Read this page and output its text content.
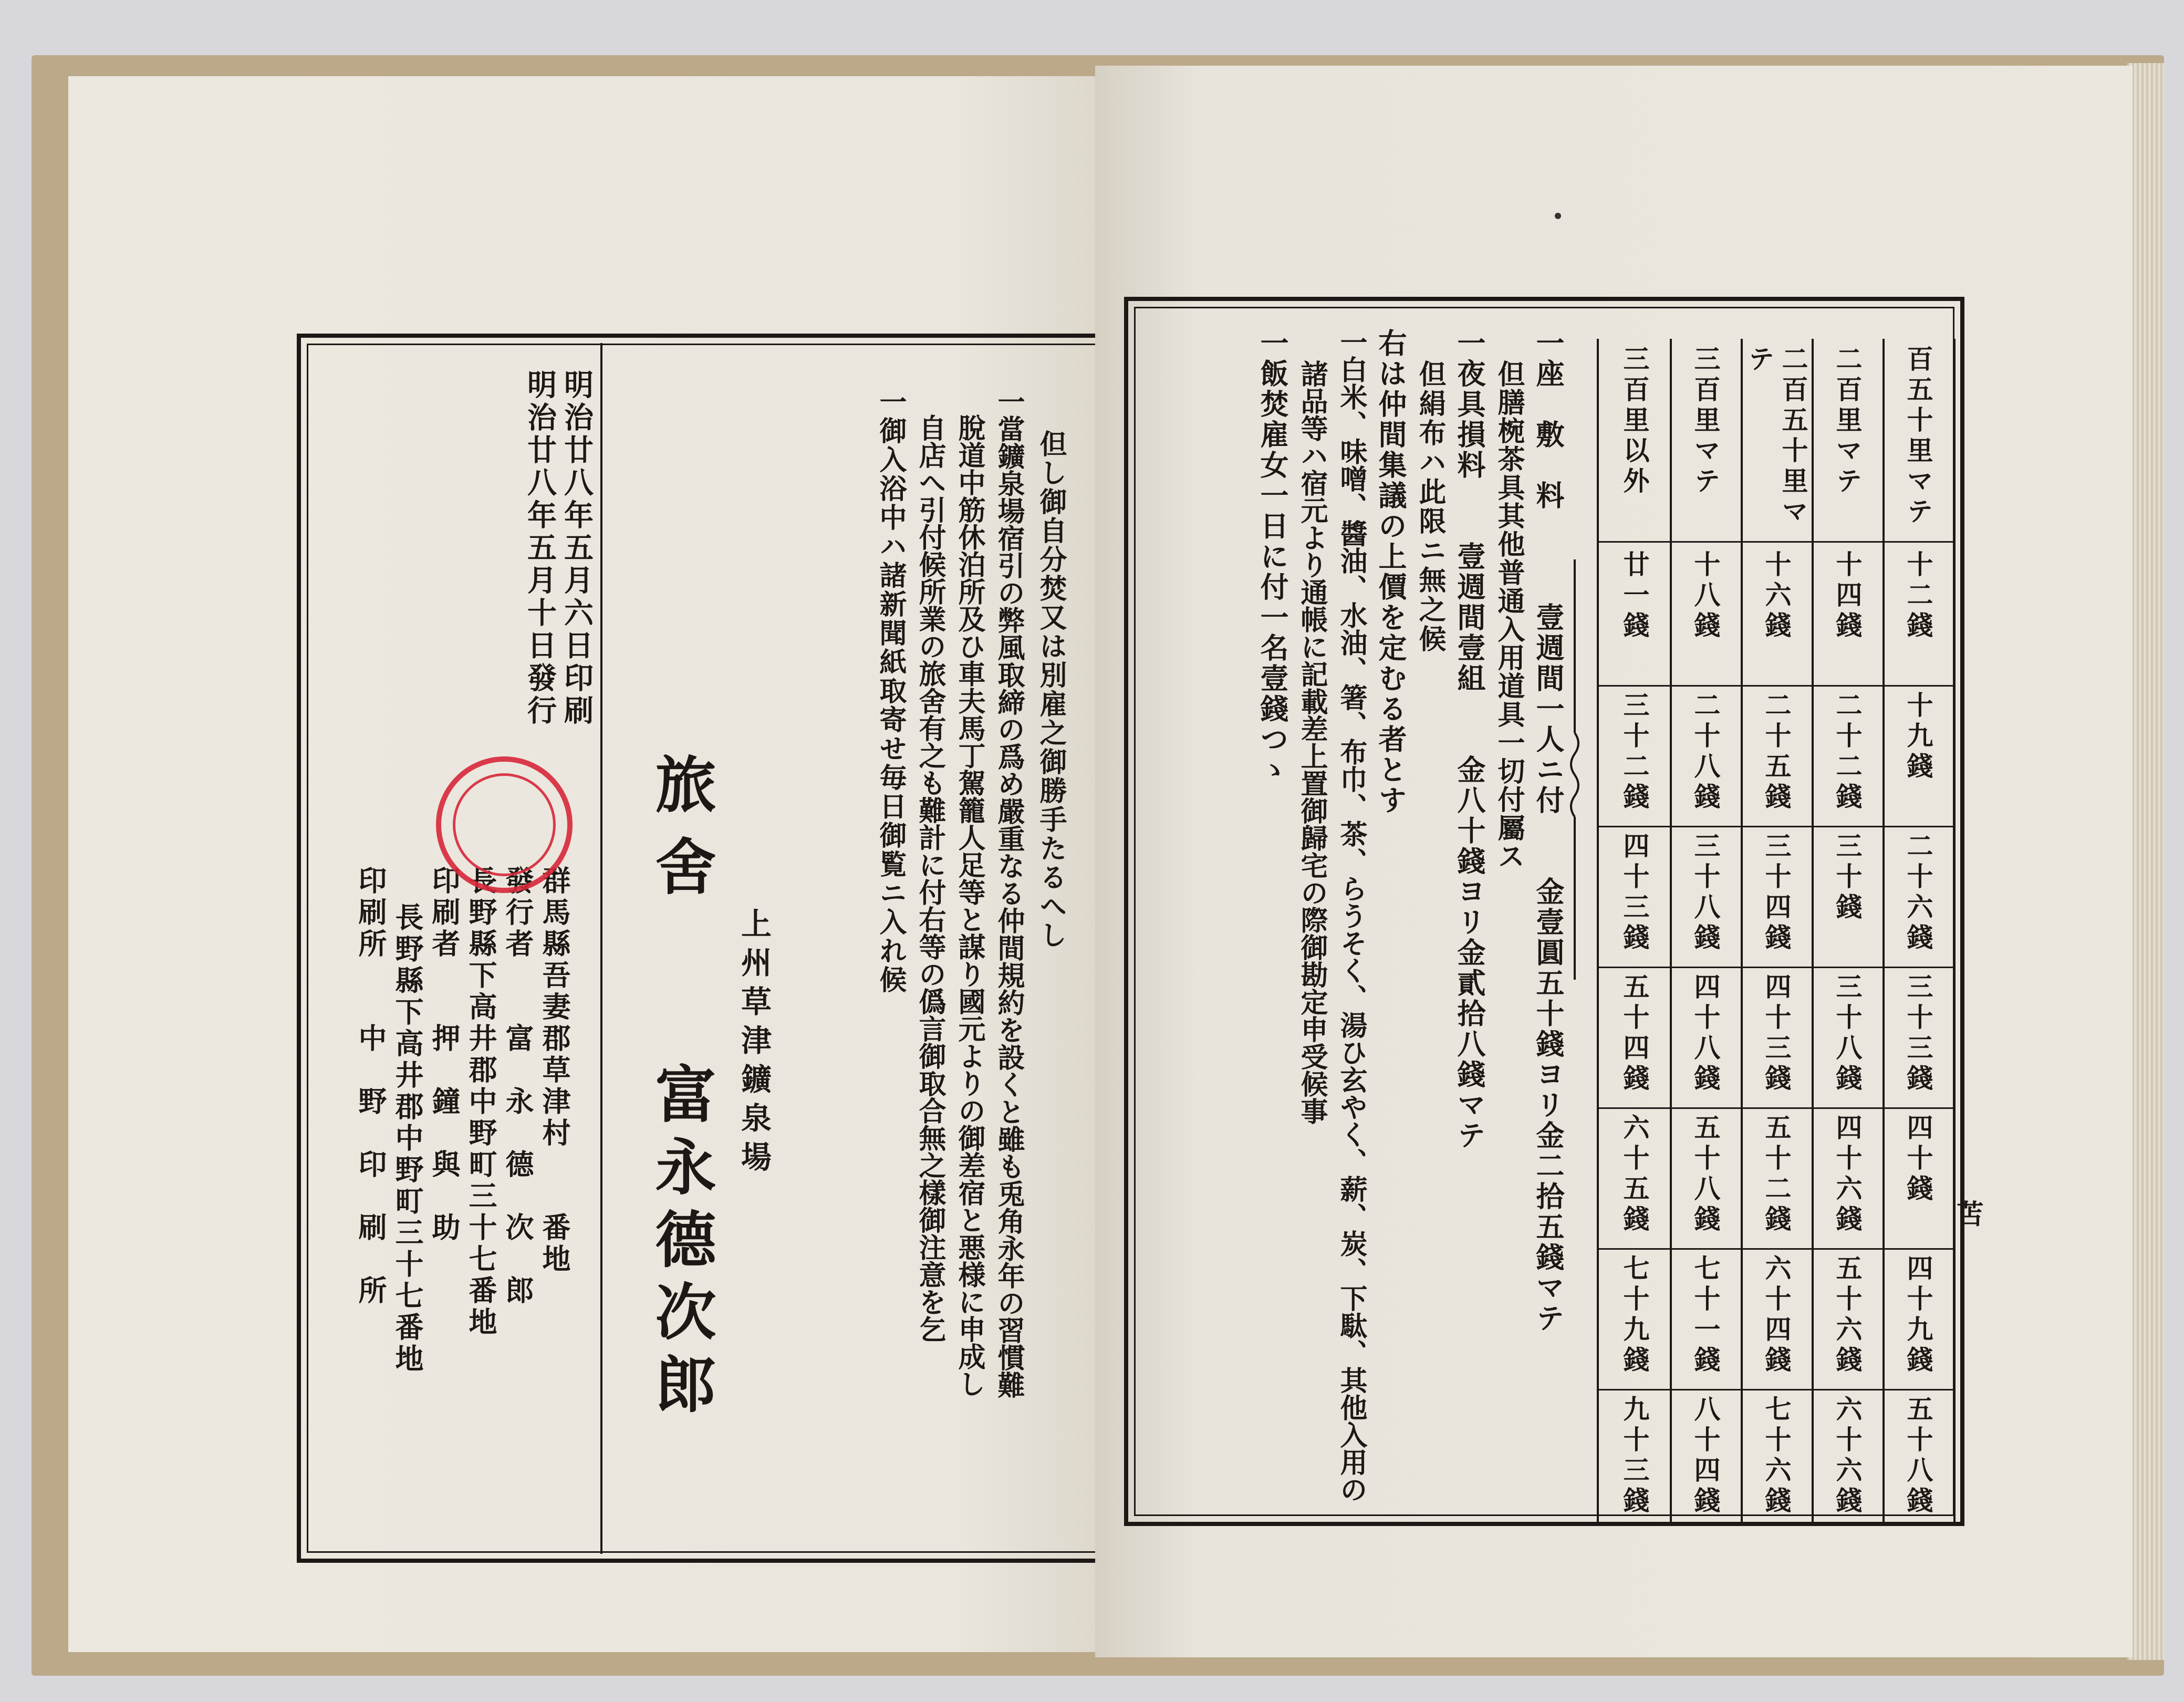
明治廿八年五月六日印刷
明治廿八年五月十日發行
群馬縣吾妻郡草津村　　番地
發行者　　富　永　德　次　郎
長野縣下高井郡中野町三十七番地
印刷者　　押　鐘　與　助
長野縣下高井郡中野町三十七番地
印刷所　　中　野　印　刷　所
旅舍
上州草津鑛泉場
富永德次郎
但し御自分焚又は別雇之御勝手たるへし
一當鑛泉場宿引の弊風取締の爲め嚴重なる仲間規約を設くと雖も兎角永年の習慣難
脫道中筋休泊所及ひ車夫馬丁駕籠人足等と謀り國元よりの御差宿と悪様に申成し
自店へ引付候所業の旅舍有之も難計に付右等の僞言御取合無之樣御注意を乞
一御入浴中ハ諸新聞紙取寄せ毎日御覧ニ入れ候
苫
百五十里マテ
十二錢
十九錢
二十六錢
三十三錢
四十錢
四十九錢
五十八錢
二百里マテ
十四錢
二十二錢
三十錢
三十八錢
四十六錢
五十六錢
六十六錢
二百五十里マテ
十六錢
二十五錢
三十四錢
四十三錢
五十二錢
六十四錢
七十六錢
三百里マテ
十八錢
二十八錢
三十八錢
四十八錢
五十八錢
七十一錢
八十四錢
三百里以外
廿一錢
三十二錢
四十三錢
五十四錢
六十五錢
七十九錢
九十三錢
一座　敷　料　　　壹週間一人ニ付　　金壹圓五十錢ヨリ金二拾五錢マテ
但膳椀茶具其他普通入用道具一切付屬ス
一夜具損料　　壹週間壹組　　金八十錢ヨリ金貳拾八錢マテ
但絹布ハ此限ニ無之候
右は仲間集議の上價を定むる者とす
一白米、味噌、醬油、水油、箸、布巾、茶、らうそく、湯ひ玄やく、薪、炭、下駄、其他入用の
諸品等ハ宿元より通帳に記載差上置御歸宅の際御勘定申受候事
一飯焚雇女一日に付一名壹錢つゝ
